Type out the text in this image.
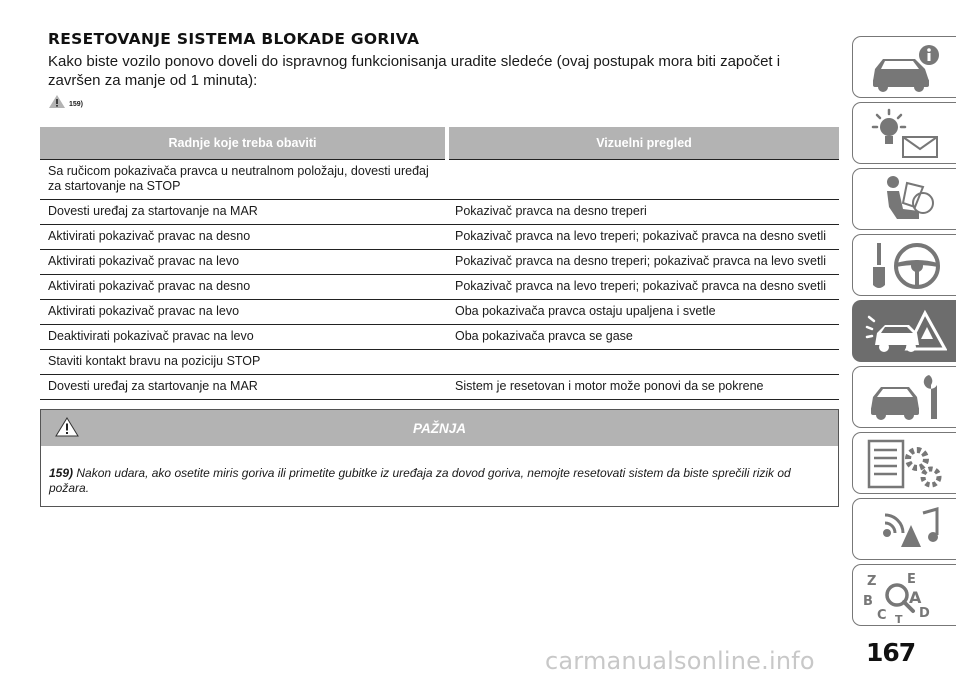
RESETOVANJE SISTEMA BLOKADE GORIVA
Kako biste vozilo ponovo doveli do ispravnog funkcionisanja uradite sledeće (ovaj postupak mora biti započet i završen za manje od 1 minuta):
159)
Radnje koje treba obaviti	Vizuelni pregled
Sa ručicom pokazivača pravca u neutralnom položaju, dovesti uređaj za startovanje na STOP	
Dovesti uređaj za startovanje na MAR	Pokazivač pravca na desno treperi
Aktivirati pokazivač pravac na desno	Pokazivač pravca na levo treperi; pokazivač pravca na desno svetli
Aktivirati pokazivač pravac na levo	Pokazivač pravca na desno treperi; pokazivač pravca na levo svetli
Aktivirati pokazivač pravac na desno	Pokazivač pravca na levo treperi; pokazivač pravca na desno svetli
Aktivirati pokazivač pravac na levo	Oba pokazivača pravca ostaju upaljena i svetle
Deaktivirati pokazivač pravac na levo	Oba pokazivača pravca se gase
Staviti kontakt bravu na poziciju STOP	
Dovesti uređaj za startovanje na MAR	Sistem je resetovan i motor može ponovi da se pokrene
PAŽNJA
159) Nakon udara, ako osetite miris goriva ili primetite gubitke iz uređaja za dovod goriva, nemojte resetovati sistem da biste sprečili rizik od požara.
Z E
B A
C D
T
carmanualsonline.info 167
